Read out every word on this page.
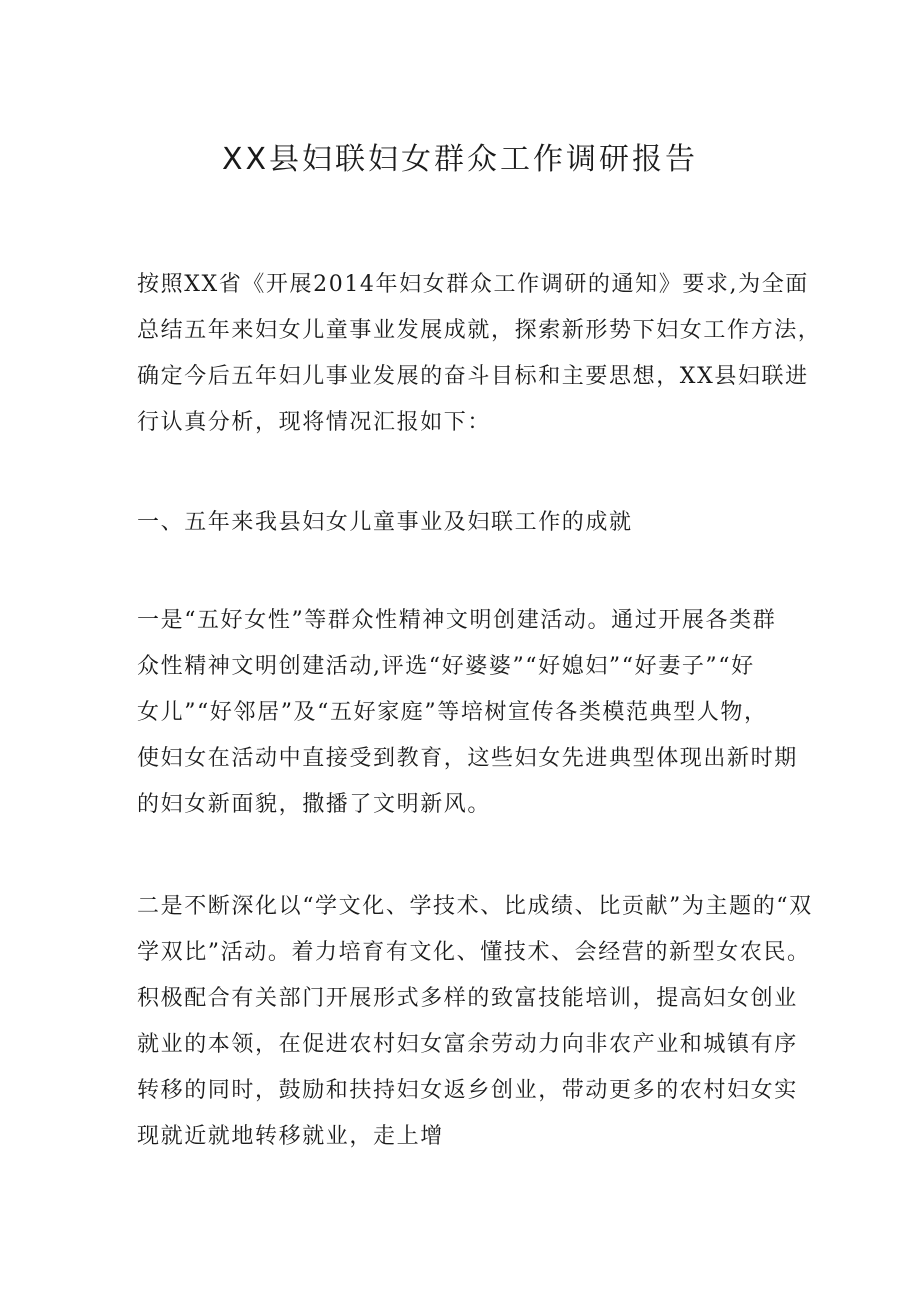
XX县妇联妇女群众工作调研报告
按照XX省《开展2014年妇女群众工作调研的通知》要求,为全面
总结五年来妇女儿童事业发展成就，探索新形势下妇女工作方法，
确定今后五年妇儿事业发展的奋斗目标和主要思想，XX县妇联进
行认真分析，现将情况汇报如下：
一、五年来我县妇女儿童事业及妇联工作的成就
一是“五好女性”等群众性精神文明创建活动。通过开展各类群
众性精神文明创建活动,评选“好婆婆”“好媳妇”“好妻子”“好
女儿”“好邻居”及“五好家庭”等培树宣传各类模范典型人物，
使妇女在活动中直接受到教育，这些妇女先进典型体现出新时期
的妇女新面貌，撒播了文明新风。
二是不断深化以“学文化、学技术、比成绩、比贡献”为主题的“双
学双比”活动。着力培育有文化、懂技术、会经营的新型女农民。
积极配合有关部门开展形式多样的致富技能培训，提高妇女创业
就业的本领，在促进农村妇女富余劳动力向非农产业和城镇有序
转移的同时，鼓励和扶持妇女返乡创业，带动更多的农村妇女实
现就近就地转移就业，走上增
